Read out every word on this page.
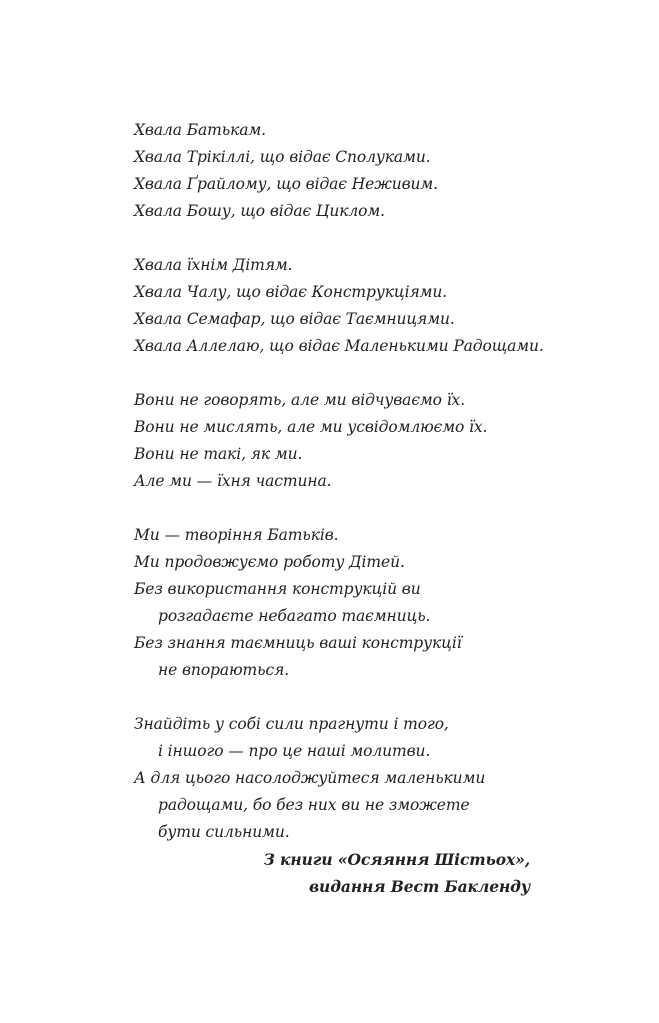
Хвала Батькам.
Хвала Трікіллі, що відає Сполуками.
Хвала Ґрайлому, що відає Неживим.
Хвала Бошу, що відає Циклом.
Хвала їхнім Дітям.
Хвала Чалу, що відає Конструкціями.
Хвала Семафар, що відає Таємницями.
Хвала Аллелаю, що відає Маленькими Радощами.
Вони не говорять, але ми відчуваємо їх.
Вони не мислять, але ми усвідомлюємо їх.
Вони не такі, як ми.
Але ми — їхня частина.
Ми — творіння Батьків.
Ми продовжуємо роботу Дітей.
Без використання конструкцій ви
розгадаєте небагато таємниць.
Без знання таємниць ваші конструкції
не впораються.
Знайдіть у собі сили прагнути і того,
і іншого — про це наші молитви.
А для цього насолоджуйтеся маленькими
радощами, бо без них ви не зможете
бути сильними.
З книги «Осяяння Шістьох»,
видання Вест Бакленду
